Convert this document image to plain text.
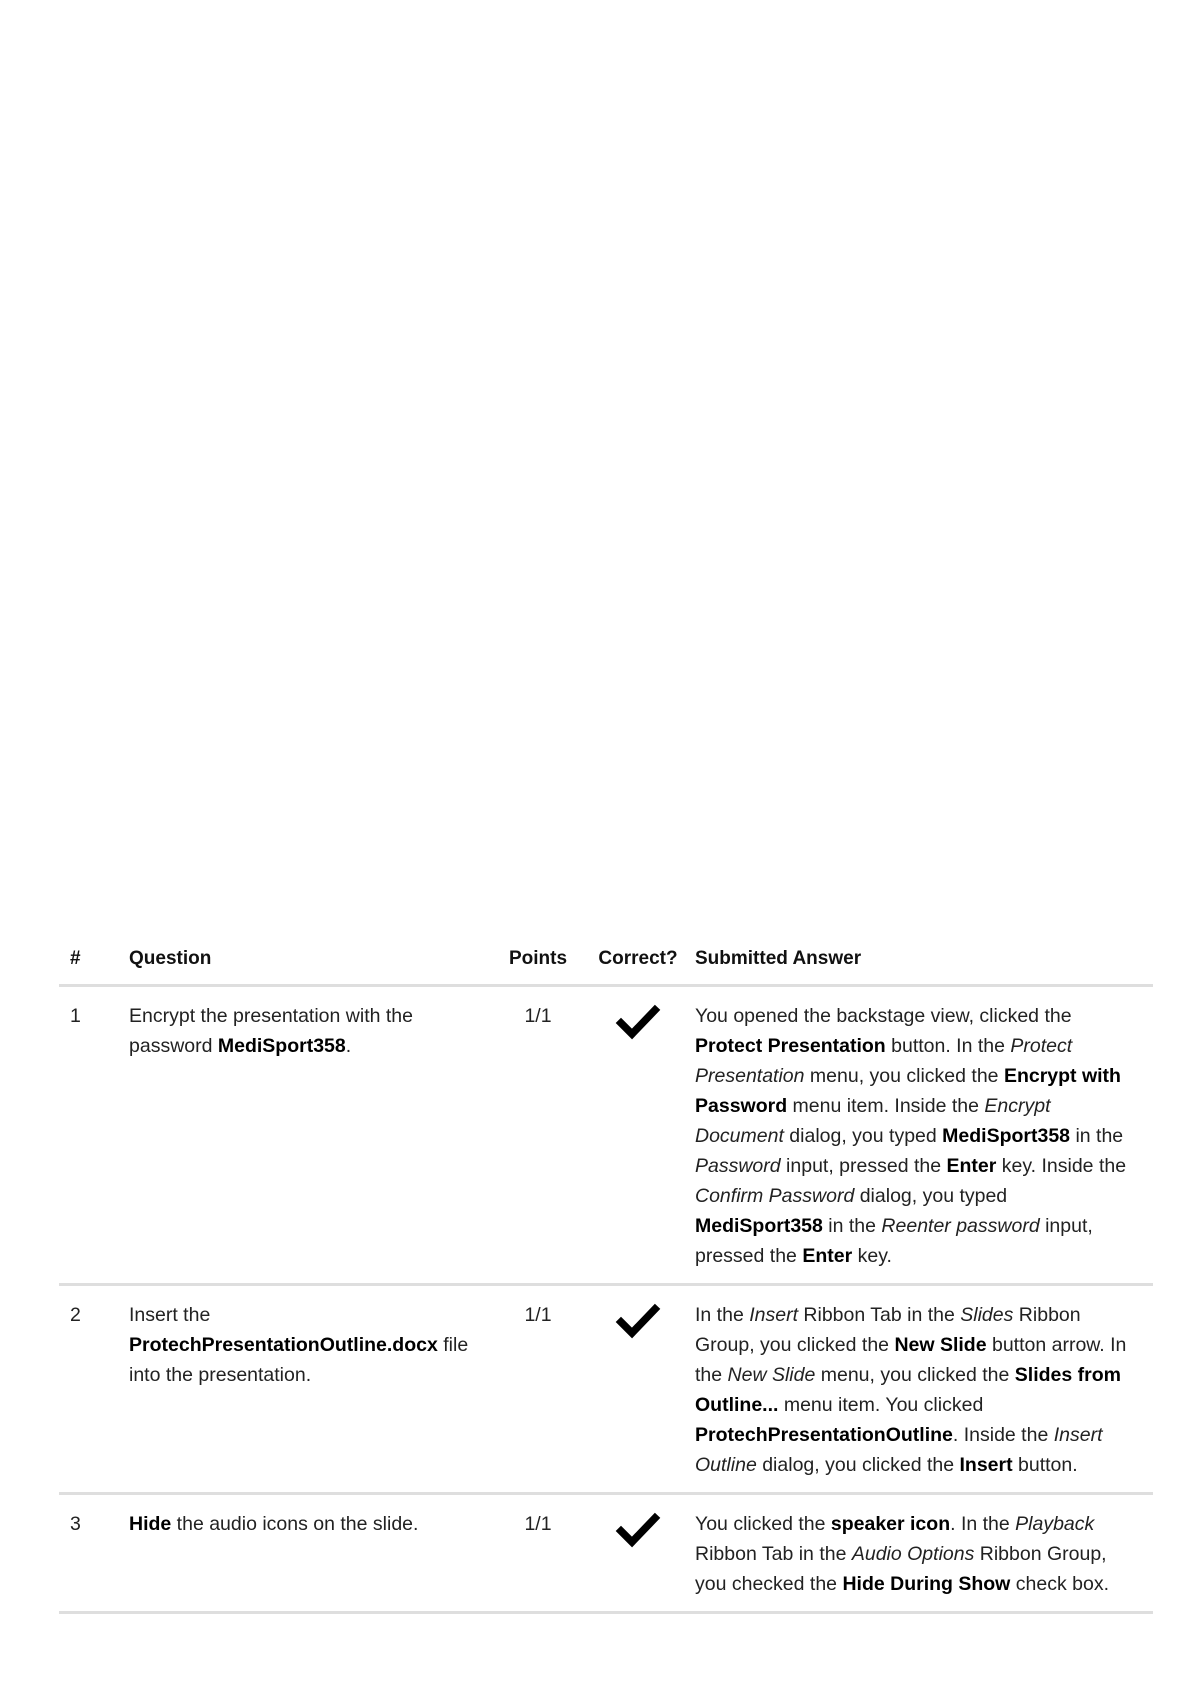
#	Question	Points	Correct?	Submitted Answer
1	Encrypt the presentation with the password MediSport358.	1/1		You opened the backstage view, clicked the Protect Presentation button. In the Protect Presentation menu, you clicked the Encrypt with Password menu item. Inside the Encrypt Document dialog, you typed MediSport358 in the Password input, pressed the Enter key. Inside the Confirm Password dialog, you typed MediSport358 in the Reenter password input, pressed the Enter key.
2	Insert the ProtechPresentationOutline.docx file into the presentation.	1/1		In the Insert Ribbon Tab in the Slides Ribbon Group, you clicked the New Slide button arrow. In the New Slide menu, you clicked the Slides from Outline... menu item. You clicked ProtechPresentationOutline. Inside the Insert Outline dialog, you clicked the Insert button.
3	Hide the audio icons on the slide.	1/1		You clicked the speaker icon. In the Playback Ribbon Tab in the Audio Options Ribbon Group, you checked the Hide During Show check box.
